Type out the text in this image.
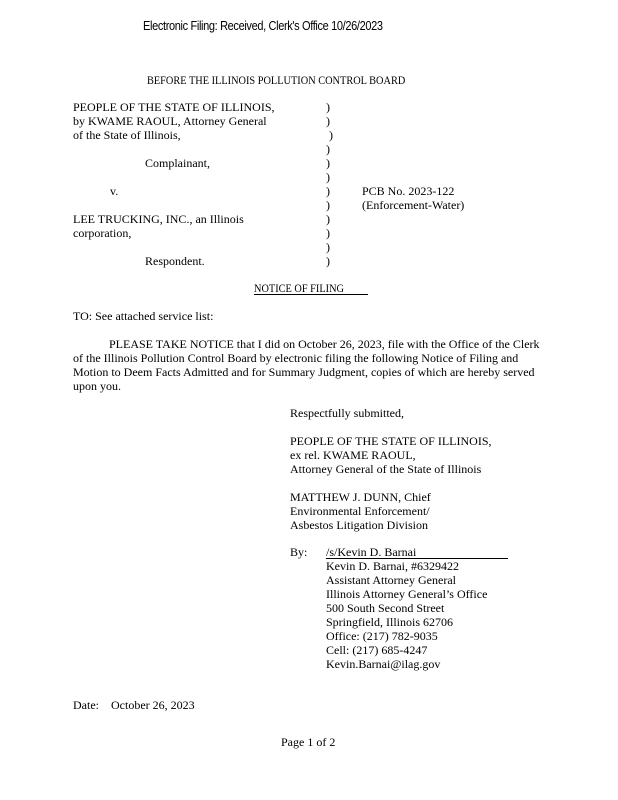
Electronic Filing: Received, Clerk's Office 10/26/2023
BEFORE THE ILLINOIS POLLUTION CONTROL BOARD
PEOPLE OF THE STATE OF ILLINOIS,
by KWAME RAOUL, Attorney General
of the State of Illinois,
Complainant,
v.
LEE TRUCKING, INC., an Illinois
corporation,
Respondent.
)
)
)
)
)
)
)
)
)
)
)
)
PCB No. 2023-122
(Enforcement-Water)
NOTICE OF FILING
TO: See attached service list:
PLEASE TAKE NOTICE that I did on October 26, 2023, file with the Office of the Clerk
of the Illinois Pollution Control Board by electronic filing the following Notice of Filing and
Motion to Deem Facts Admitted and for Summary Judgment, copies of which are hereby served
upon you.
Respectfully submitted,
PEOPLE OF THE STATE OF ILLINOIS,
ex rel. KWAME RAOUL,
Attorney General of the State of Illinois
MATTHEW J. DUNN, Chief
Environmental Enforcement/
Asbestos Litigation Division
By: /s/Kevin D. Barnai
Kevin D. Barnai, #6329422
Assistant Attorney General
Illinois Attorney General’s Office
500 South Second Street
Springfield, Illinois 62706
Office: (217) 782-9035
Cell: (217) 685-4247
Kevin.Barnai@ilag.gov
Date: October 26, 2023
Page 1 of 2
